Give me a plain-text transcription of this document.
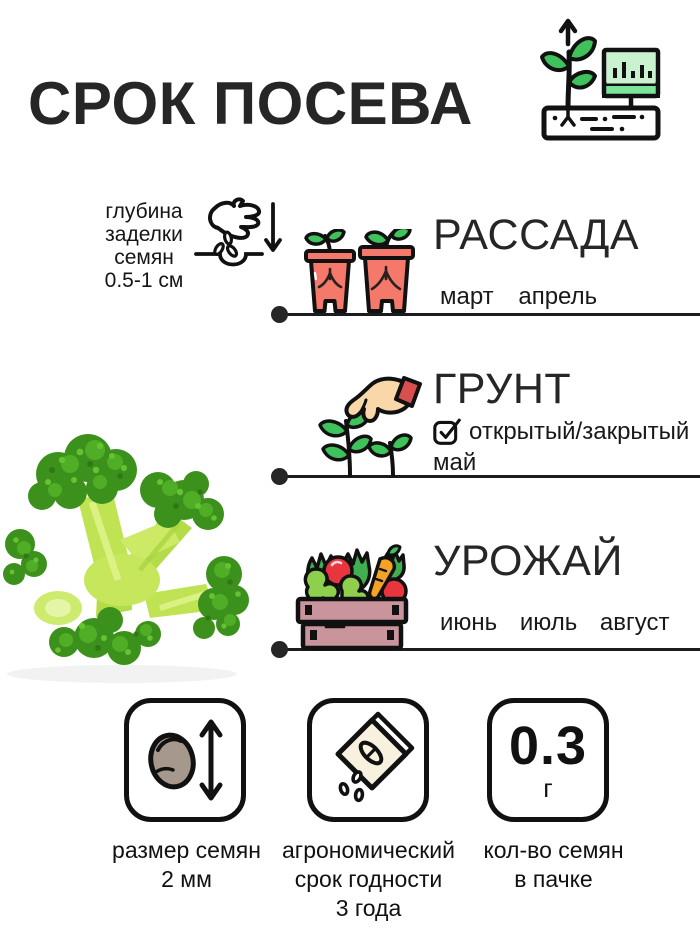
СРОК ПОСЕВА
глубина
заделки
семян
0.5-1 см
РАССАДА
март апрель
ГРУНТ
открытый/закрытый
май
УРОЖАЙ
июнь июль август
0.3
г
размер семян
2 мм
агрономический
срок годности
3 года
кол-во семян
в пачке
